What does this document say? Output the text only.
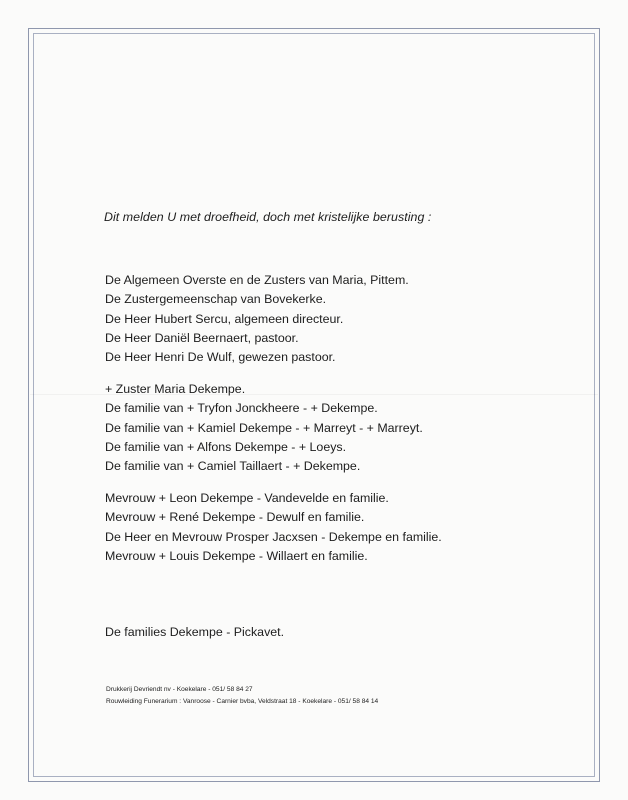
Dit melden U met droefheid, doch met kristelijke berusting :
De Algemeen Overste en de Zusters van Maria, Pittem.
De Zustergemeenschap van Bovekerke.
De Heer Hubert Sercu, algemeen directeur.
De Heer Daniël Beernaert, pastoor.
De Heer Henri De Wulf, gewezen pastoor.
+ Zuster Maria Dekempe.
De familie van + Tryfon Jonckheere - + Dekempe.
De familie van + Kamiel Dekempe - + Marreyt - + Marreyt.
De familie van + Alfons Dekempe - + Loeys.
De familie van + Camiel Taillaert - + Dekempe.
Mevrouw + Leon Dekempe - Vandevelde en familie.
Mevrouw + René Dekempe - Dewulf en familie.
De Heer en Mevrouw Prosper Jacxsen - Dekempe en familie.
Mevrouw + Louis Dekempe - Willaert en familie.
De families Dekempe - Pickavet.
Drukkerij Devriendt nv - Koekelare - 051/ 58 84 27
Rouwleiding Funerarium : Vanroose - Carnier bvba, Veldstraat 18 - Koekelare - 051/ 58 84 14
